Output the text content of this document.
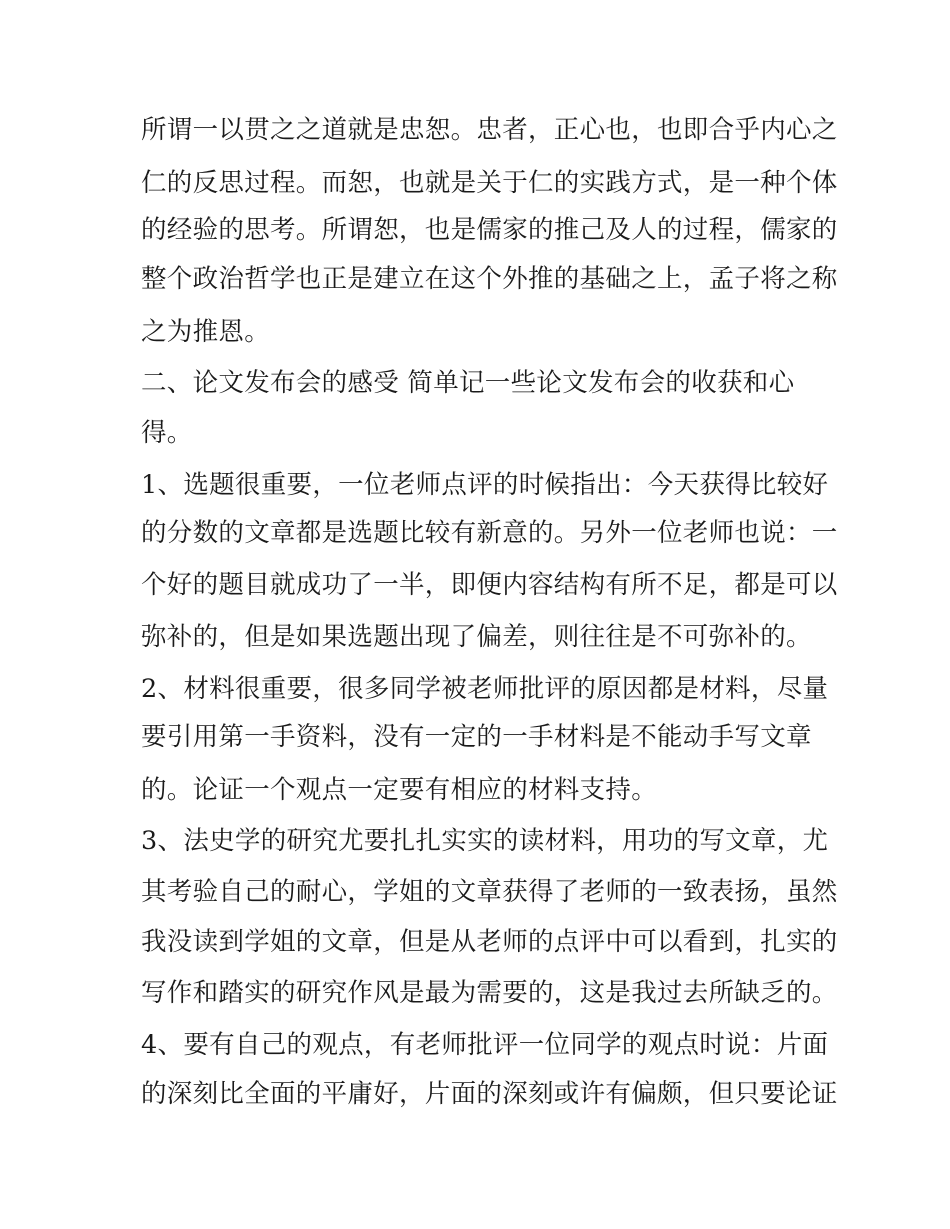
所谓一以贯之之道就是忠恕。忠者，正心也，也即合乎内心之
仁的反思过程。而恕，也就是关于仁的实践方式，是一种个体
的经验的思考。所谓恕，也是儒家的推己及人的过程，儒家的
整个政治哲学也正是建立在这个外推的基础之上，孟子将之称
之为推恩。
二、论文发布会的感受 简单记一些论文发布会的收获和心
得。
1、选题很重要，一位老师点评的时候指出：今天获得比较好
的分数的文章都是选题比较有新意的。另外一位老师也说：一
个好的题目就成功了一半，即便内容结构有所不足，都是可以
弥补的，但是如果选题出现了偏差，则往往是不可弥补的。
2、材料很重要，很多同学被老师批评的原因都是材料，尽量
要引用第一手资料，没有一定的一手材料是不能动手写文章
的。论证一个观点一定要有相应的材料支持。
3、法史学的研究尤要扎扎实实的读材料，用功的写文章，尤
其考验自己的耐心，学姐的文章获得了老师的一致表扬，虽然
我没读到学姐的文章，但是从老师的点评中可以看到，扎实的
写作和踏实的研究作风是最为需要的，这是我过去所缺乏的。
4、要有自己的观点，有老师批评一位同学的观点时说：片面
的深刻比全面的平庸好，片面的深刻或许有偏颇，但只要论证
